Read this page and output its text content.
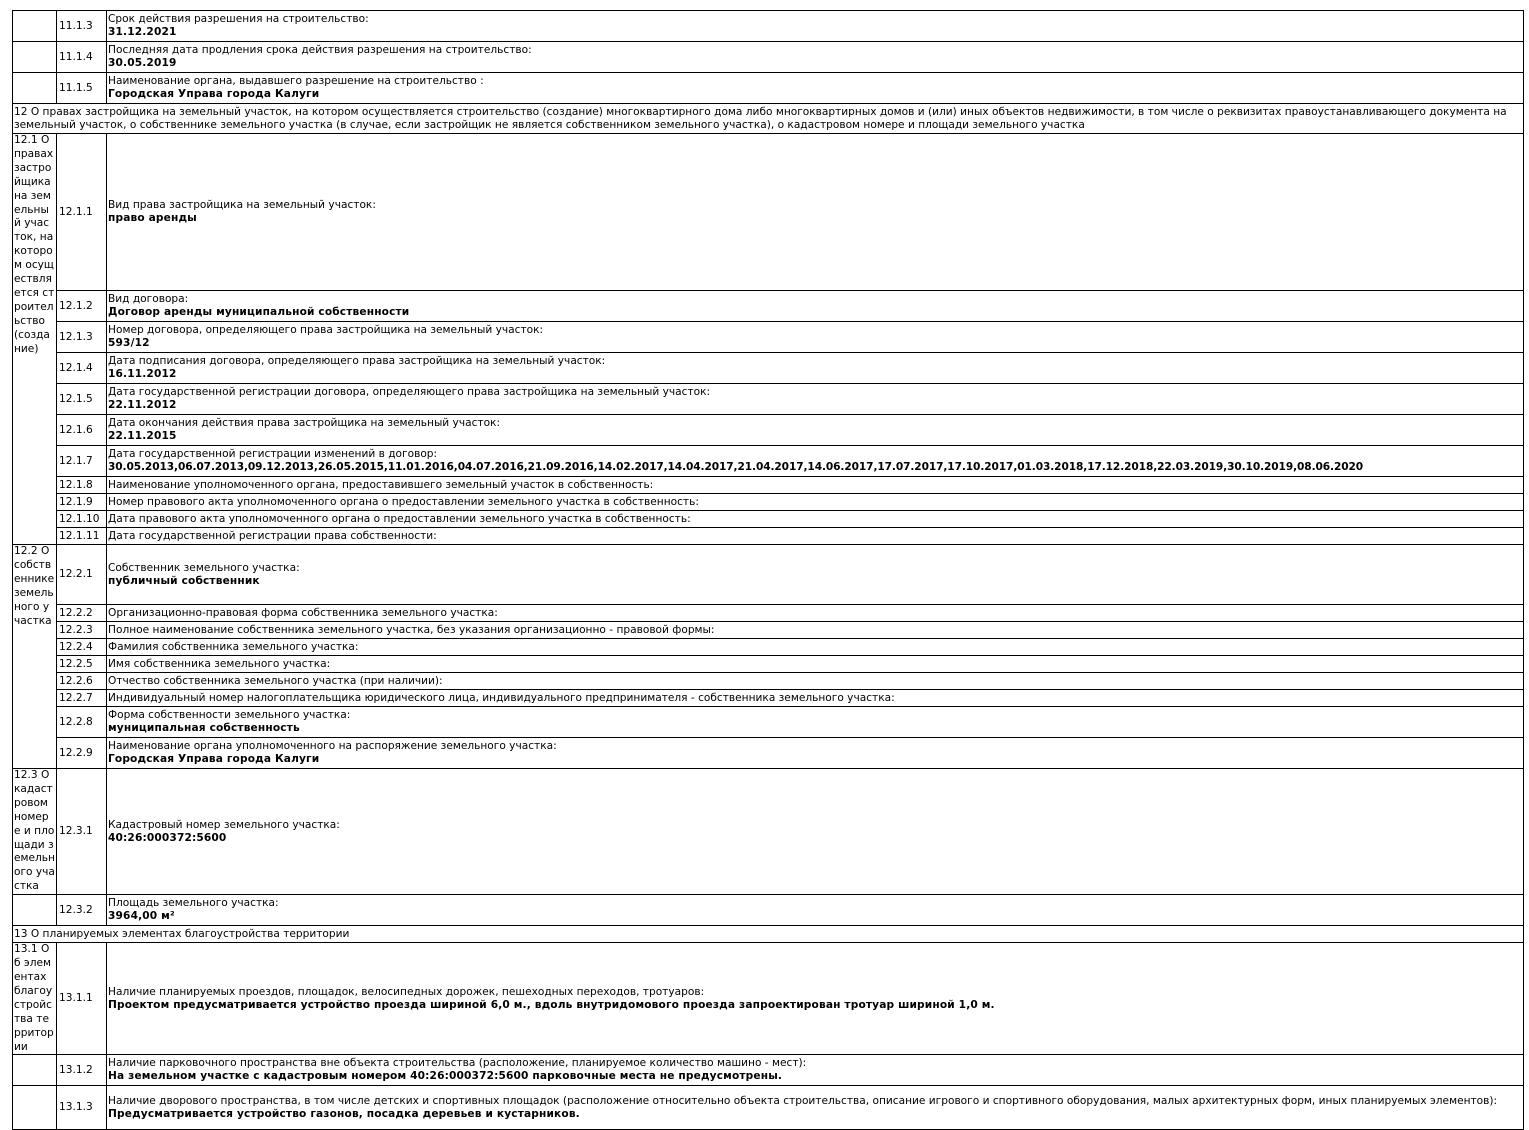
	11.1.3	Срок действия разрешения на строительство:
31.12.2021

	11.1.4	Последняя дата продления срока действия разрешения на строительство:
30.05.2019

	11.1.5	Наименование органа, выдавшего разрешение на строительство :
Городская Управа города Калуги

12 О правах застройщика на земельный участок, на котором осуществляется строительство (создание) многоквартирного дома либо многоквартирных домов и (или) иных объектов недвижимости, в том числе о реквизитах правоустанавливающего документа на земельный участок, о собственнике земельного участка (в случае, если застройщик не является собственником земельного участка), о кадастровом номере и площади земельного участка		
12.1 О правах застройщика на земельный участок, на котором осуществляется строительство (создание)	12.1.1	Вид права застройщика на земельный участок:
право аренды

	12.1.2	Вид договора:
Договор аренды муниципальной собственности

	12.1.3	Номер договора, определяющего права застройщика на земельный участок:
593/12

	12.1.4	Дата подписания договора, определяющего права застройщика на земельный участок:
16.11.2012

	12.1.5	Дата государственной регистрации договора, определяющего права застройщика на земельный участок:
22.11.2012

	12.1.6	Дата окончания действия права застройщика на земельный участок:
22.11.2015

	12.1.7	Дата государственной регистрации изменений в договор:
30.05.2013,06.07.2013,09.12.2013,26.05.2015,11.01.2016,04.07.2016,21.09.2016,14.02.2017,14.04.2017,21.04.2017,14.06.2017,17.07.2017,17.10.2017,01.03.2018,17.12.2018,22.03.2019,30.10.2019,08.06.2020

	12.1.8	Наименование уполномоченного органа, предоставившего земельный участок в собственность:

	12.1.9	Номер правового акта уполномоченного органа о предоставлении земельного участка в собственность:

	12.1.10	Дата правового акта уполномоченного органа о предоставлении земельного участка в собственность:

	12.1.11	Дата государственной регистрации права собственности:

12.2 О собственнике земельного участка	12.2.1	Собственник земельного участка:
публичный собственник

	12.2.2	Организационно-правовая форма собственника земельного участка:

	12.2.3	Полное наименование собственника земельного участка, без указания организационно - правовой формы:

	12.2.4	Фамилия собственника земельного участка:

	12.2.5	Имя собственника земельного участка:

	12.2.6	Отчество собственника земельного участка (при наличии):

	12.2.7	Индивидуальный номер налогоплательщика юридического лица, индивидуального предпринимателя - собственника земельного участка:

	12.2.8	Форма собственности земельного участка:
муниципальная собственность

	12.2.9	Наименование органа уполномоченного на распоряжение земельного участка:
Городская Управа города Калуги

12.3 О кадастровом номере и площади земельного участка	12.3.1	Кадастровый номер земельного участка:
40:26:000372:5600

	12.3.2	Площадь земельного участка:
3964,00 м²

13 О планируемых элементах благоустройства территории		
13.1 Об элементах благоустройства территории	13.1.1	Наличие планируемых проездов, площадок, велосипедных дорожек, пешеходных переходов, тротуаров:
Проектом предусматривается устройство проезда шириной 6,0 м., вдоль внутридомового проезда запроектирован тротуар шириной 1,0 м.

	13.1.2	Наличие парковочного пространства вне объекта строительства (расположение, планируемое количество машино - мест):
На земельном участке с кадастровым номером 40:26:000372:5600 парковочные места не предусмотрены.

	13.1.3	Наличие дворового пространства, в том числе детских и спортивных площадок (расположение относительно объекта строительства, описание игрового и спортивного оборудования, малых архитектурных форм, иных планируемых элементов):
Предусматривается устройство газонов, посадка деревьев и кустарников.
